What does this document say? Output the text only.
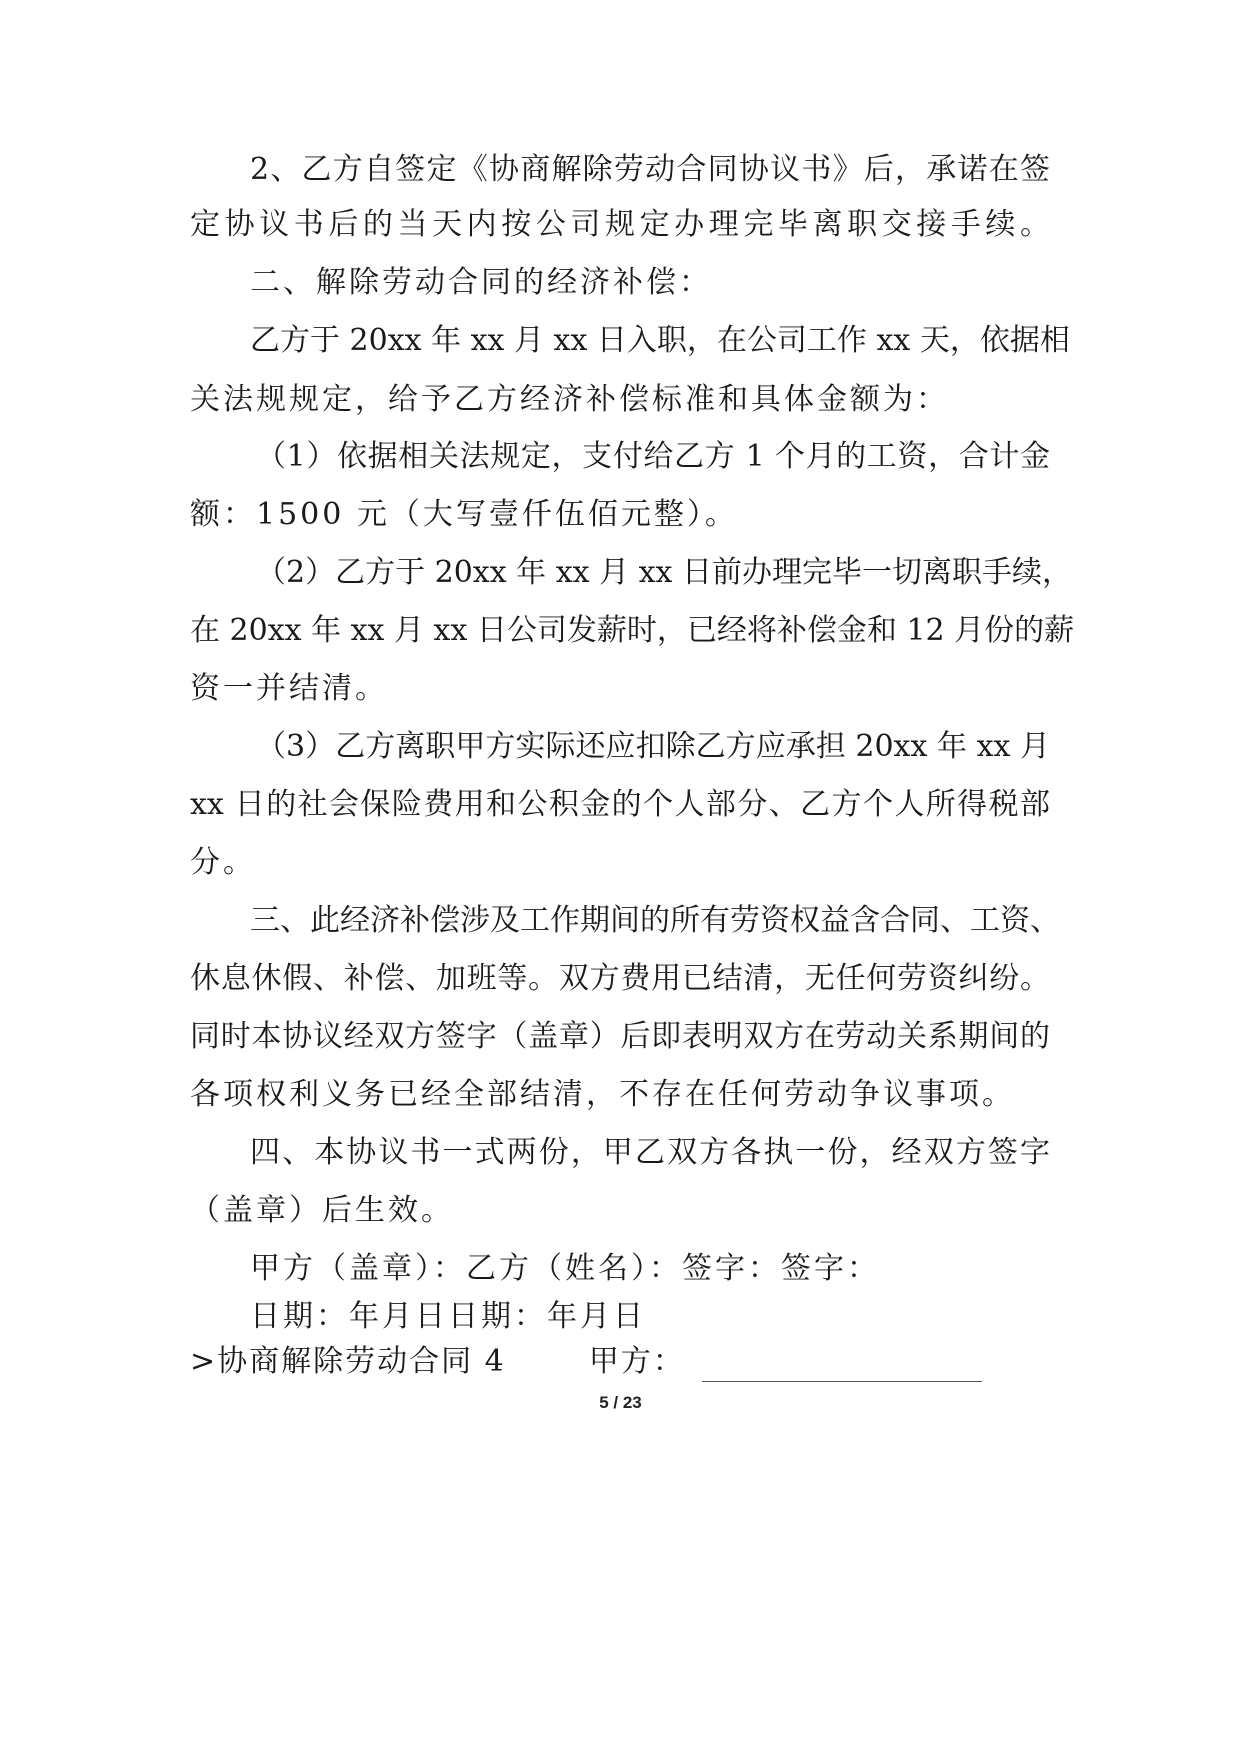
2、乙方自签定《协商解除劳动合同协议书》后，承诺在签
定协议书后的当天内按公司规定办理完毕离职交接手续。
二、解除劳动合同的经济补偿：
乙方于 20xx 年 xx 月 xx 日入职，在公司工作 xx 天，依据相
关法规规定，给予乙方经济补偿标准和具体金额为：
（1）依据相关法规定，支付给乙方 1 个月的工资，合计金
额：1500 元（大写壹仟伍佰元整）。
（2）乙方于 20xx 年 xx 月 xx 日前办理完毕一切离职手续，
在 20xx 年 xx 月 xx 日公司发薪时，已经将补偿金和 12 月份的薪
资一并结清。
（3）乙方离职甲方实际还应扣除乙方应承担 20xx 年 xx 月
xx 日的社会保险费用和公积金的个人部分、乙方个人所得税部
分。
三、此经济补偿涉及工作期间的所有劳资权益含合同、工资、
休息休假、补偿、加班等。双方费用已结清，无任何劳资纠纷。
同时本协议经双方签字（盖章）后即表明双方在劳动关系期间的
各项权利义务已经全部结清，不存在任何劳动争议事项。
四、本协议书一式两份，甲乙双方各执一份，经双方签字
（盖章）后生效。
甲方（盖章）：乙方（姓名）：签字：签字：
日期：年月日日期：年月日
>协商解除劳动合同 4	甲方：
5 / 23
